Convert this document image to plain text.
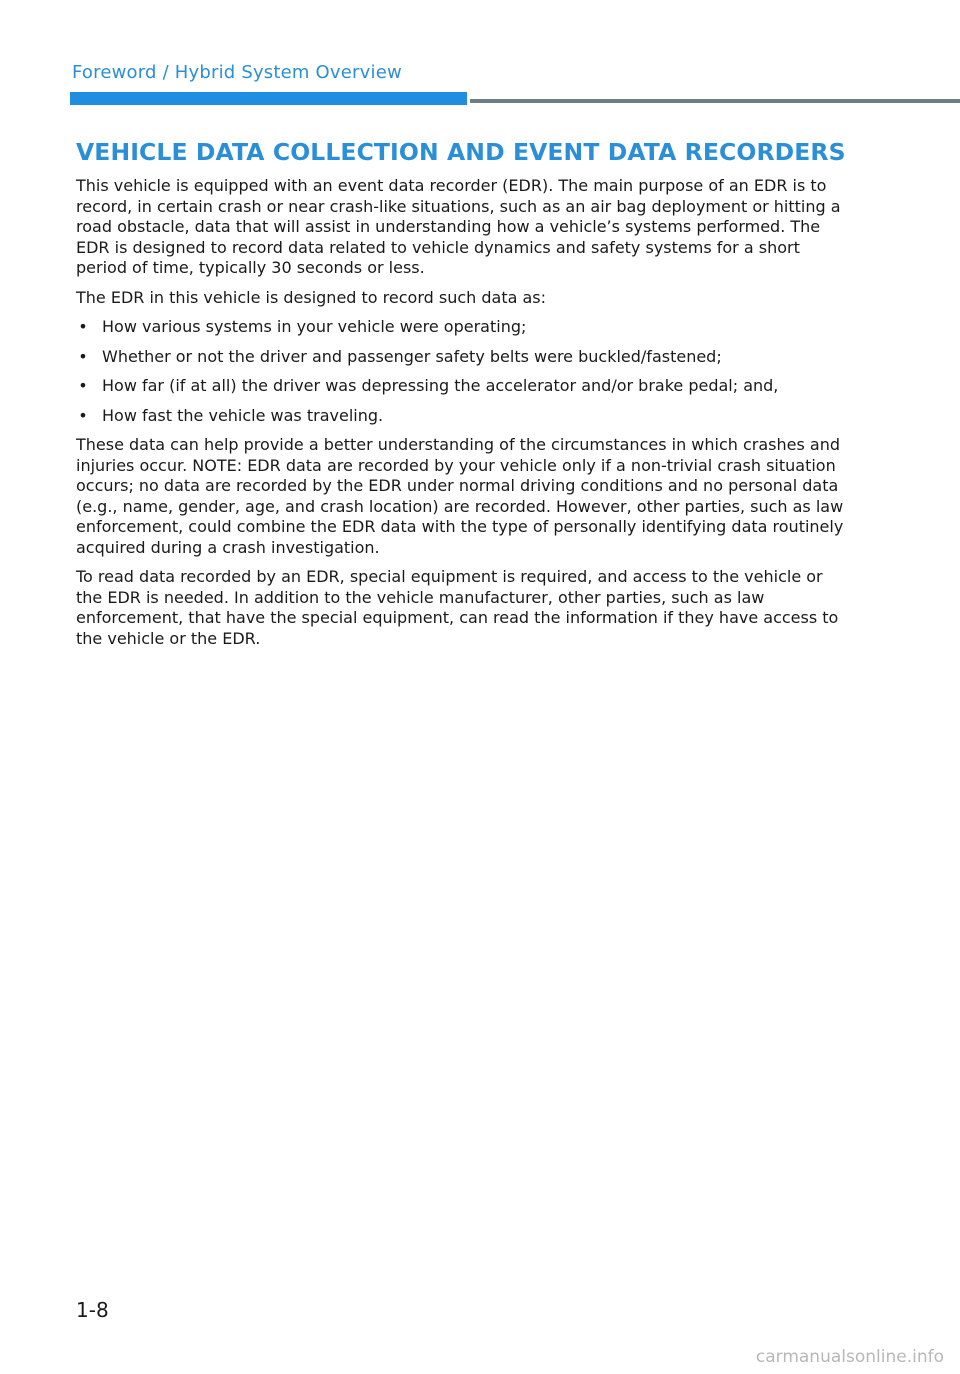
Foreword / Hybrid System Overview
VEHICLE DATA COLLECTION AND EVENT DATA RECORDERS

This vehicle is equipped with an event data recorder (EDR). The main purpose of an EDR is to record, in certain crash or near crash-like situations, such as an air bag deployment or hitting a road obstacle, data that will assist in understanding how a vehicle’s systems performed. The EDR is designed to record data related to vehicle dynamics and safety systems for a short period of time, typically 30 seconds or less.

The EDR in this vehicle is designed to record such data as:

• How various systems in your vehicle were operating;
• Whether or not the driver and passenger safety belts were buckled/fastened;
• How far (if at all) the driver was depressing the accelerator and/or brake pedal; and,
• How fast the vehicle was traveling.

These data can help provide a better understanding of the circumstances in which crashes and injuries occur. NOTE: EDR data are recorded by your vehicle only if a non-trivial crash situation occurs; no data are recorded by the EDR under normal driving conditions and no personal data (e.g., name, gender, age, and crash location) are recorded. However, other parties, such as law enforcement, could combine the EDR data with the type of personally identifying data routinely acquired during a crash investigation.

To read data recorded by an EDR, special equipment is required, and access to the vehicle or the EDR is needed. In addition to the vehicle manufacturer, other parties, such as law enforcement, that have the special equipment, can read the information if they have access to the vehicle or the EDR.

1-8
carmanualsonline.info
